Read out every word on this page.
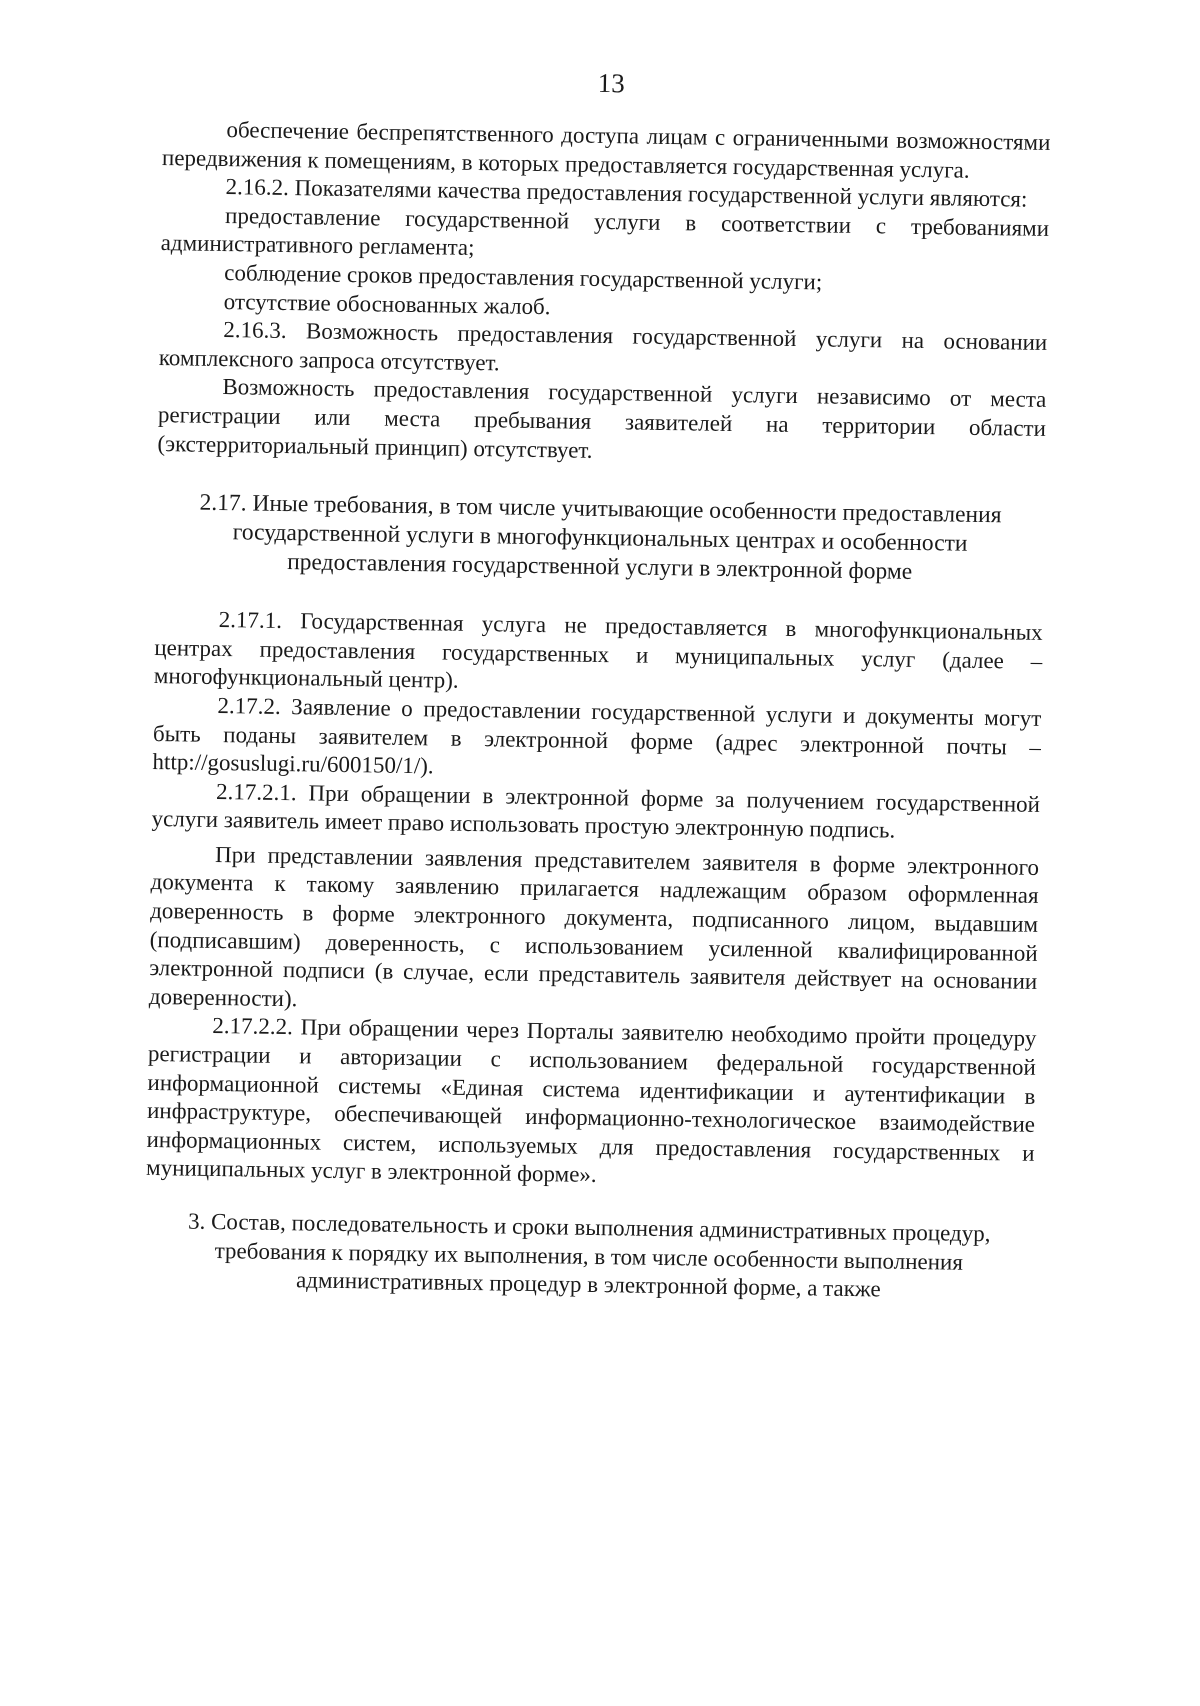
13

обеспечение беспрепятственного доступа лицам с ограниченными возможностями передвижения к помещениям, в которых предоставляется государственная услуга.

2.16.2. Показателями качества предоставления государственной услуги являются:

предоставление государственной услуги в соответствии с требованиями административного регламента;

соблюдение сроков предоставления государственной услуги;

отсутствие обоснованных жалоб.

2.16.3. Возможность предоставления государственной услуги на основании комплексного запроса отсутствует.

Возможность предоставления государственной услуги независимо от места регистрации или места пребывания заявителей на территории области (экстерриториальный принцип) отсутствует.

2.17. Иные требования, в том числе учитывающие особенности предоставления государственной услуги в многофункциональных центрах и особенности предоставления государственной услуги в электронной форме

2.17.1. Государственная услуга не предоставляется в многофункциональных центрах предоставления государственных и муниципальных услуг (далее – многофункциональный центр).

2.17.2. Заявление о предоставлении государственной услуги и документы могут быть поданы заявителем в электронной форме (адрес электронной почты – http://gosuslugi.ru/600150/1/).

2.17.2.1. При обращении в электронной форме за получением государственной услуги заявитель имеет право использовать простую электронную подпись.

При представлении заявления представителем заявителя в форме электронного документа к такому заявлению прилагается надлежащим образом оформленная доверенность в форме электронного документа, подписанного лицом, выдавшим (подписавшим) доверенность, с использованием усиленной квалифицированной электронной подписи (в случае, если представитель заявителя действует на основании доверенности).

2.17.2.2. При обращении через Порталы заявителю необходимо пройти процедуру регистрации и авторизации с использованием федеральной государственной информационной системы «Единая система идентификации и аутентификации в инфраструктуре, обеспечивающей информационно-технологическое взаимодействие информационных систем, используемых для предоставления государственных и муниципальных услуг в электронной форме».

3. Состав, последовательность и сроки выполнения административных процедур, требования к порядку их выполнения, в том числе особенности выполнения административных процедур в электронной форме, а также
